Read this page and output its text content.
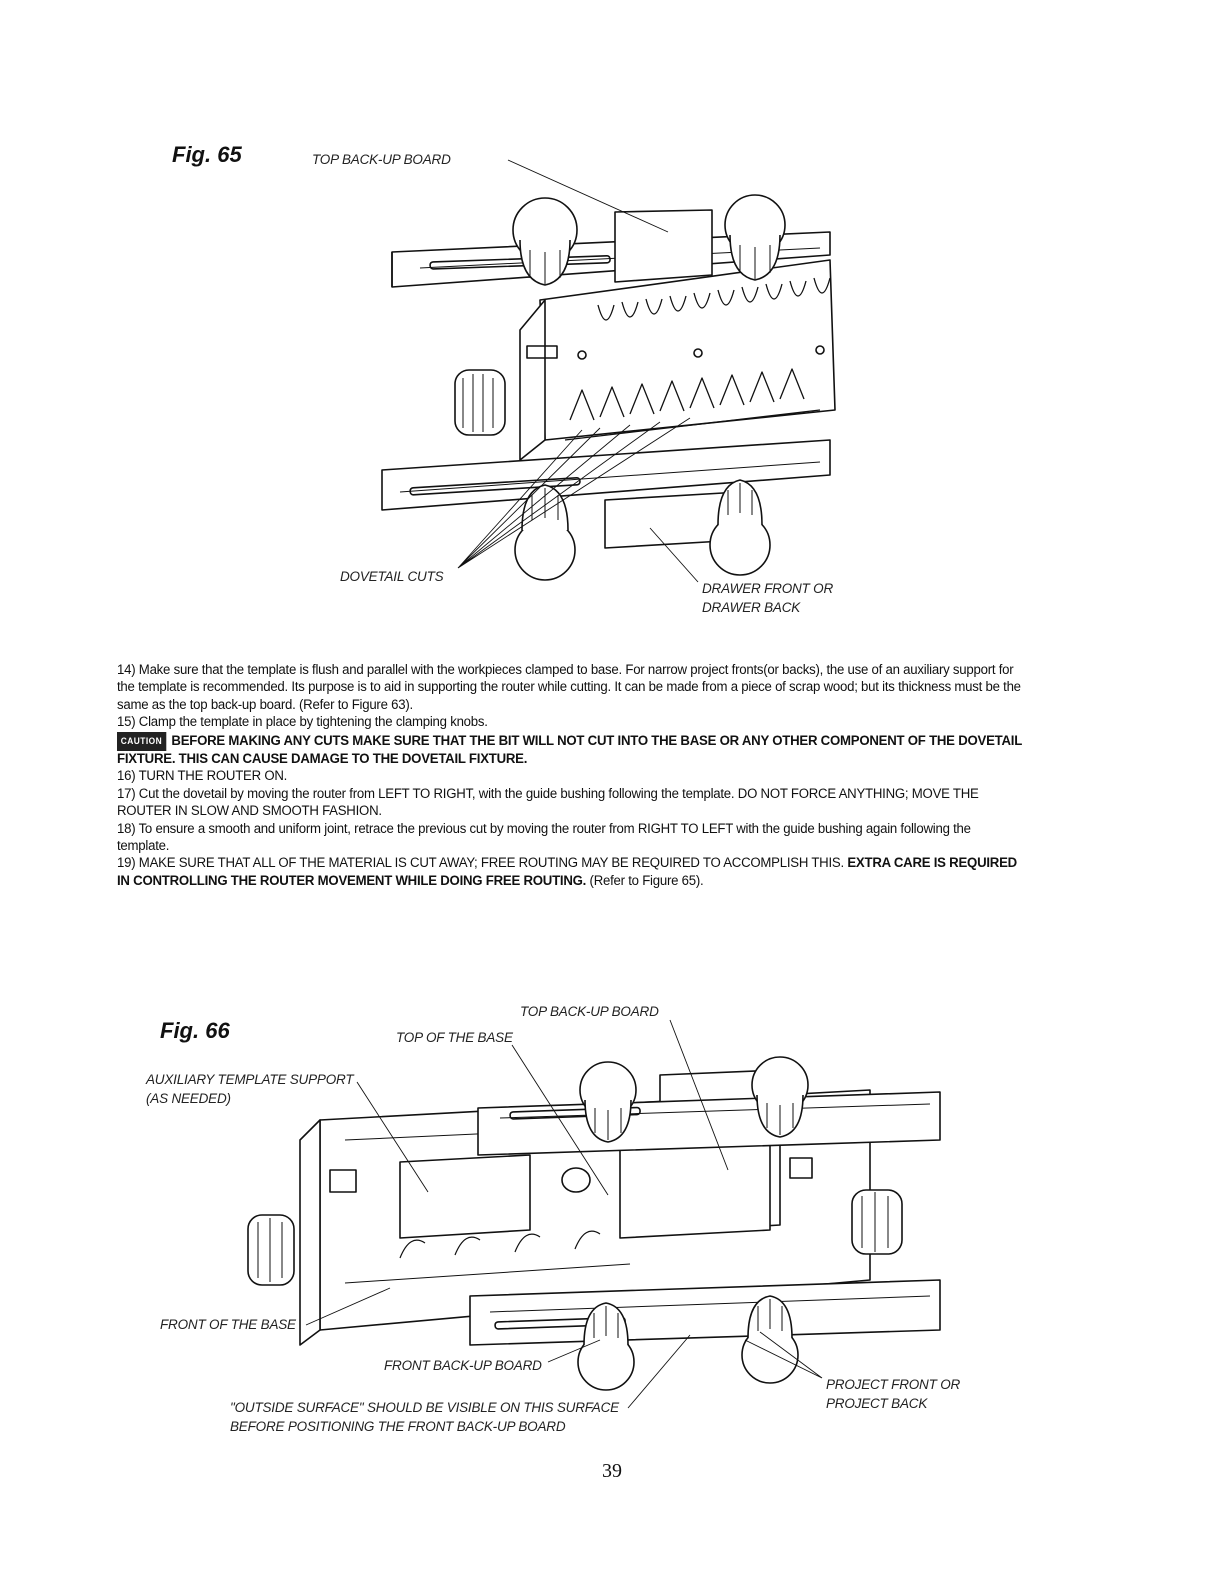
Fig. 65	TOP BACK-UP BOARD
DOVETAIL CUTS
DRAWER FRONT OR
DRAWER BACK

14) Make sure that the template is flush and parallel with the workpieces clamped to base. For narrow project fronts(or backs), the use of an auxiliary support for the template is recommended. Its purpose is to aid in supporting the router while cutting. It can be made from a piece of scrap wood; but its thickness must be the same as the top back-up board. (Refer to Figure 63).

15) Clamp the template in place by tightening the clamping knobs.

CAUTION BEFORE MAKING ANY CUTS MAKE SURE THAT THE BIT WILL NOT CUT INTO THE BASE OR ANY OTHER COMPONENT OF THE DOVETAIL FIXTURE. THIS CAN CAUSE DAMAGE TO THE DOVETAIL FIXTURE.

16) TURN THE ROUTER ON.

17) Cut the dovetail by moving the router from LEFT TO RIGHT, with the guide bushing following the template. DO NOT FORCE ANYTHING; MOVE THE ROUTER IN SLOW AND SMOOTH FASHION.

18) To ensure a smooth and uniform joint, retrace the previous cut by moving the router from RIGHT TO LEFT with the guide bushing again following the template.

19) MAKE SURE THAT ALL OF THE MATERIAL IS CUT AWAY; FREE ROUTING MAY BE REQUIRED TO ACCOMPLISH THIS. EXTRA CARE IS REQUIRED IN CONTROLLING THE ROUTER MOVEMENT WHILE DOING FREE ROUTING. (Refer to Figure 65).

Fig. 66
TOP BACK-UP BOARD
TOP OF THE BASE
AUXILIARY TEMPLATE SUPPORT
(AS NEEDED)
FRONT OF THE BASE
FRONT BACK-UP BOARD
"OUTSIDE SURFACE" SHOULD BE VISIBLE ON THIS SURFACE
BEFORE POSITIONING THE FRONT BACK-UP BOARD
PROJECT FRONT OR
PROJECT BACK
39
